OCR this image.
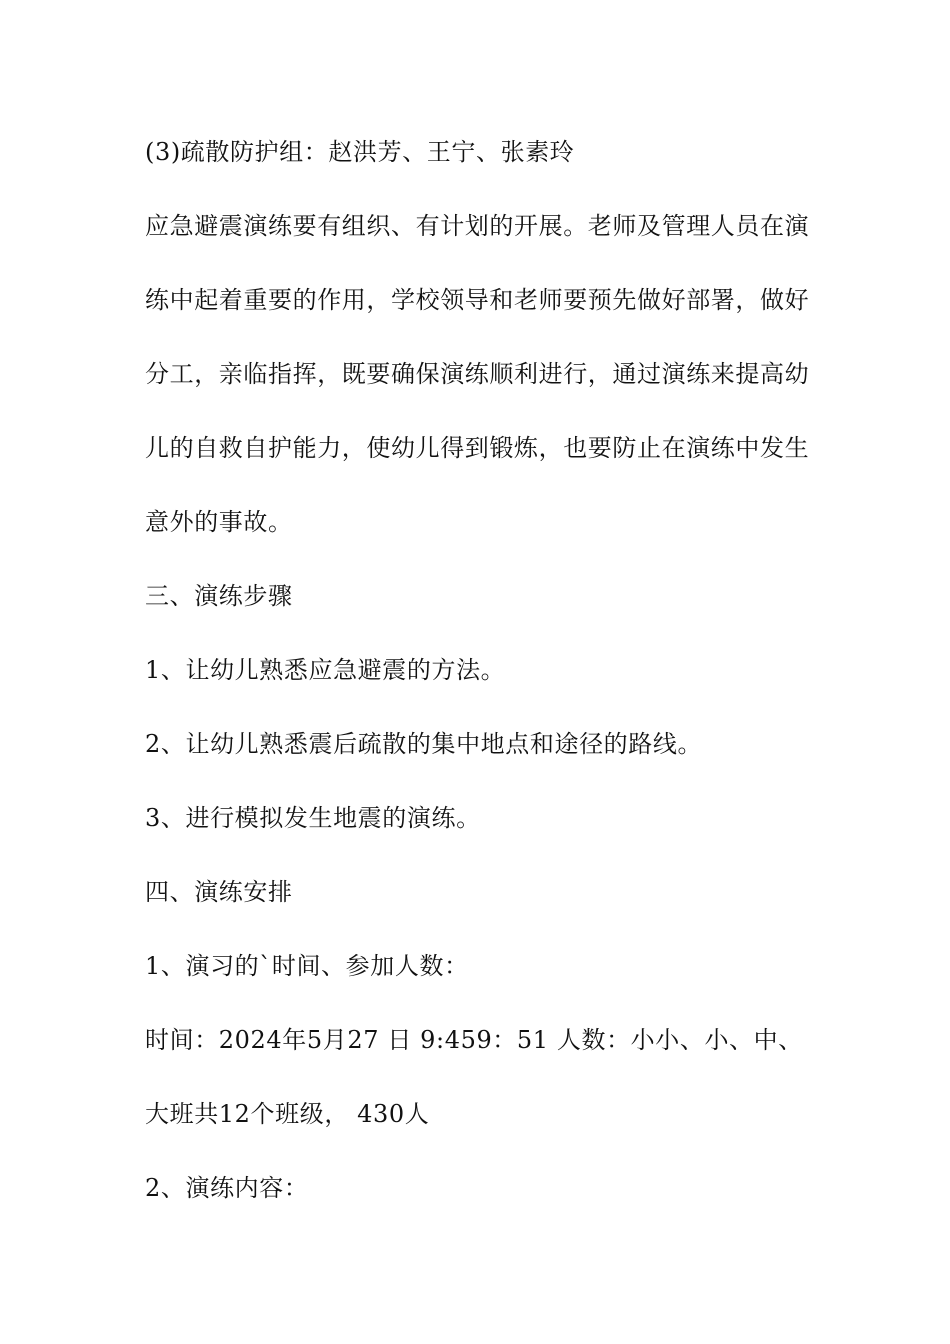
(3)疏散防护组：赵洪芳、王宁、张素玲

应急避震演练要有组织、有计划的开展。老师及管理人员在演

练中起着重要的作用，学校领导和老师要预先做好部署，做好

分工，亲临指挥，既要确保演练顺利进行，通过演练来提高幼

儿的自救自护能力，使幼儿得到锻炼，也要防止在演练中发生

意外的事故。

三、演练步骤

1、让幼儿熟悉应急避震的方法。

2、让幼儿熟悉震后疏散的集中地点和途径的路线。

3、进行模拟发生地震的演练。

四、演练安排

1、演习的`时间、参加人数：

时间：2024年5月27 日 9:459：51 人数：小小、小、中、

大班共12个班级， 430人

2、演练内容：
